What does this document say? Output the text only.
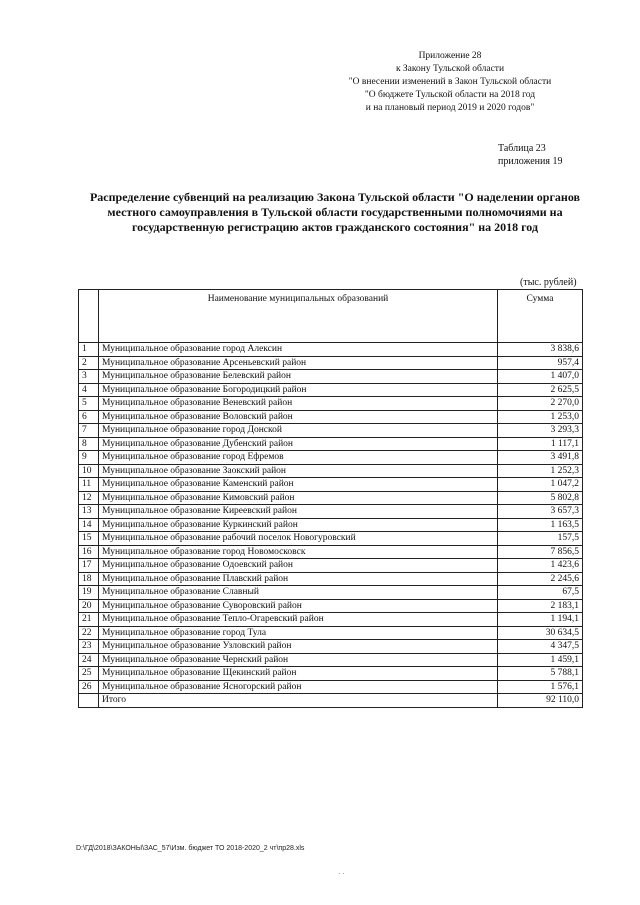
Приложение 28
к Закону Тульской области
"О внесении изменений в Закон Тульской области
"О бюджете Тульской области на 2018 год
и на плановый период 2019 и 2020 годов"
Таблица 23
приложения 19
Распределение субвенций на реализацию Закона Тульской области "О наделении органов местного самоуправления в Тульской области государственными полномочиями на государственную регистрацию актов гражданского состояния" на 2018 год
(тыс. рублей)
	Наименование муниципальных образований	Сумма
1	Муниципальное образование город Алексин	3 838,6
2	Муниципальное образование Арсеньевский район	957,4
3	Муниципальное образование Белевский район	1 407,0
4	Муниципальное образование Богородицкий район	2 625,5
5	Муниципальное образование Веневский район	2 270,0
6	Муниципальное образование Воловский район	1 253,0
7	Муниципальное образование город Донской	3 293,3
8	Муниципальное образование Дубенский район	1 117,1
9	Муниципальное образование город Ефремов	3 491,8
10	Муниципальное образование Заокский район	1 252,3
11	Муниципальное образование Каменский район	1 047,2
12	Муниципальное образование Кимовский район	5 802,8
13	Муниципальное образование Киреевский район	3 657,3
14	Муниципальное образование Куркинский район	1 163,5
15	Муниципальное образование рабочий поселок Новогуровский	157,5
16	Муниципальное образование город Новомосковск	7 856,5
17	Муниципальное образование Одоевский район	1 423,6
18	Муниципальное образование Плавский район	2 245,6
19	Муниципальное образование Славный	67,5
20	Муниципальное образование Суворовский район	2 183,1
21	Муниципальное образование Тепло-Огаревский район	1 194,1
22	Муниципальное образование город Тула	30 634,5
23	Муниципальное образование Узловский район	4 347,5
24	Муниципальное образование Чернский район	1 459,1
25	Муниципальное образование Щекинский район	5 788,1
26	Муниципальное образование Ясногорский район	1 576,1
	Итого	92 110,0
D:\ГД\2018\ЗАКОНЫ\ЗАС_57\Изм. бюджет ТО 2018-2020_2 чт\пр28.xls
· ·
